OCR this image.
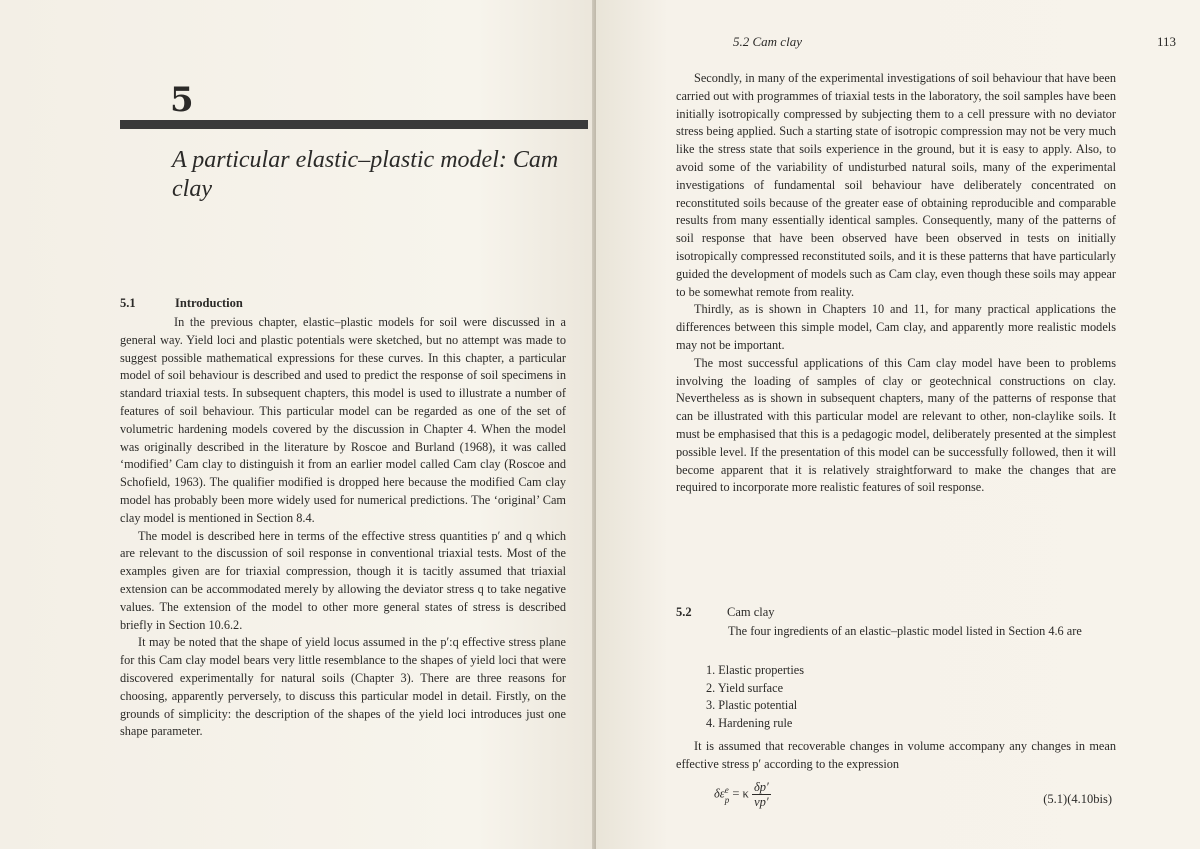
5
A particular elastic–plastic model: Cam clay
5.1	Introduction

In the previous chapter, elastic–plastic models for soil were discussed in a general way. Yield loci and plastic potentials were sketched, but no attempt was made to suggest possible mathematical expressions for these curves. In this chapter, a particular model of soil behaviour is described and used to predict the response of soil specimens in standard triaxial tests. In subsequent chapters, this model is used to illustrate a number of features of soil behaviour. This particular model can be regarded as one of the set of volumetric hardening models covered by the discussion in Chapter 4. When the model was originally described in the literature by Roscoe and Burland (1968), it was called ‘modified’ Cam clay to distinguish it from an earlier model called Cam clay (Roscoe and Schofield, 1963). The qualifier modified is dropped here because the modified Cam clay model has probably been more widely used for numerical predictions. The ‘original’ Cam clay model is mentioned in Section 8.4.

The model is described here in terms of the effective stress quantities p′ and q which are relevant to the discussion of soil response in conventional triaxial tests. Most of the examples given are for triaxial compression, though it is tacitly assumed that triaxial extension can be accommodated merely by allowing the deviator stress q to take negative values. The extension of the model to other more general states of stress is described briefly in Section 10.6.2.

It may be noted that the shape of yield locus assumed in the p′:q effective stress plane for this Cam clay model bears very little resemblance to the shapes of yield loci that were discovered experimentally for natural soils (Chapter 3). There are three reasons for choosing, apparently perversely, to discuss this particular model in detail. Firstly, on the grounds of simplicity: the description of the shapes of the yield loci introduces just one shape parameter.

5.2 Cam clay	113

Secondly, in many of the experimental investigations of soil behaviour that have been carried out with programmes of triaxial tests in the laboratory, the soil samples have been initially isotropically compressed by subjecting them to a cell pressure with no deviator stress being applied. Such a starting state of isotropic compression may not be very much like the stress state that soils experience in the ground, but it is easy to apply. Also, to avoid some of the variability of undisturbed natural soils, many of the experimental investigations of fundamental soil behaviour have deliberately concentrated on reconstituted soils because of the greater ease of obtaining reproducible and comparable results from many essentially identical samples. Consequently, many of the patterns of soil response that have been observed have been observed in tests on initially isotropically compressed reconstituted soils, and it is these patterns that have particularly guided the development of models such as Cam clay, even though these soils may appear to be somewhat remote from reality.

Thirdly, as is shown in Chapters 10 and 11, for many practical applications the differences between this simple model, Cam clay, and apparently more realistic models may not be important.

The most successful applications of this Cam clay model have been to problems involving the loading of samples of clay or geotechnical constructions on clay. Nevertheless as is shown in subsequent chapters, many of the patterns of response that can be illustrated with this particular model are relevant to other, non-claylike soils. It must be emphasised that this is a pedagogic model, deliberately presented at the simplest possible level. If the presentation of this model can be successfully followed, then it will become apparent that it is relatively straightforward to make the changes that are required to incorporate more realistic features of soil response.

5.2	Cam clay

The four ingredients of an elastic–plastic model listed in Section 4.6 are

1. Elastic properties
2. Yield surface
3. Plastic potential
4. Hardening rule

It is assumed that recoverable changes in volume accompany any changes in mean effective stress p′ according to the expression

δε e
p = κ $\frac{\delta p'}{vp'}$	(5.1)(4.10bis)
